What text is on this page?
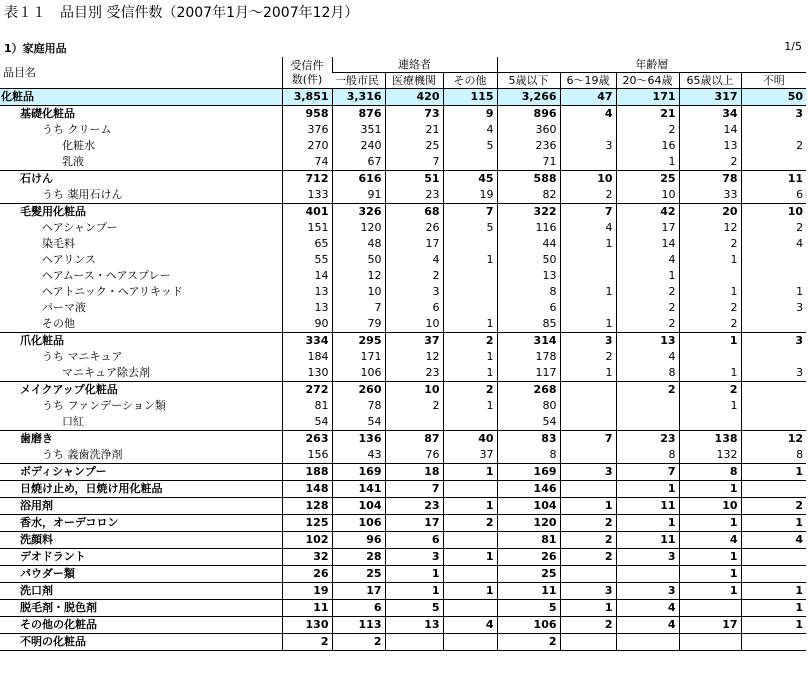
表１１　品目別 受信件数（2007年1月～2007年12月）
1）家庭用品	1/5
品目名	受信件数(件)	連絡者			年齢層				
		一般市民	医療機関	その他	5歳以下	6～19歳	20～64歳	65歳以上	不明
化粧品	3,851	3,316	420	115	3,266	47	171	317	50
基礎化粧品	958	876	73	9	896	4	21	34	3
うち クリーム	376	351	21	4	360		2	14	
化粧水	270	240	25	5	236	3	16	13	2
乳液	74	67	7		71		1	2	
石けん	712	616	51	45	588	10	25	78	11
うち 薬用石けん	133	91	23	19	82	2	10	33	6
毛髪用化粧品	401	326	68	7	322	7	42	20	10
ヘアシャンプー	151	120	26	5	116	4	17	12	2
染毛料	65	48	17		44	1	14	2	4
ヘアリンス	55	50	4	1	50		4	1	
ヘアムース・ヘアスプレー	14	12	2		13		1		
ヘアトニック・ヘアリキッド	13	10	3		8	1	2	1	1
パーマ液	13	7	6		6		2	2	3
その他	90	79	10	1	85	1	2	2	
爪化粧品	334	295	37	2	314	3	13	1	3
うち マニキュア	184	171	12	1	178	2	4		
マニキュア除去剤	130	106	23	1	117	1	8	1	3
メイクアップ化粧品	272	260	10	2	268		2	2	
うち ファンデーション類	81	78	2	1	80			1	
口紅	54	54			54				
歯磨き	263	136	87	40	83	7	23	138	12
うち 義歯洗浄剤	156	43	76	37	8		8	132	8
ボディシャンプー	188	169	18	1	169	3	7	8	1
日焼け止め，日焼け用化粧品	148	141	7		146		1	1	
浴用剤	128	104	23	1	104	1	11	10	2
香水，オーデコロン	125	106	17	2	120	2	1	1	1
洗顔料	102	96	6		81	2	11	4	4
デオドラント	32	28	3	1	26	2	3	1	
パウダー類	26	25	1		25			1	
洗口剤	19	17	1	1	11	3	3	1	1
脱毛剤・脱色剤	11	6	5		5	1	4		1
その他の化粧品	130	113	13	4	106	2	4	17	1
不明の化粧品	2	2			2				
